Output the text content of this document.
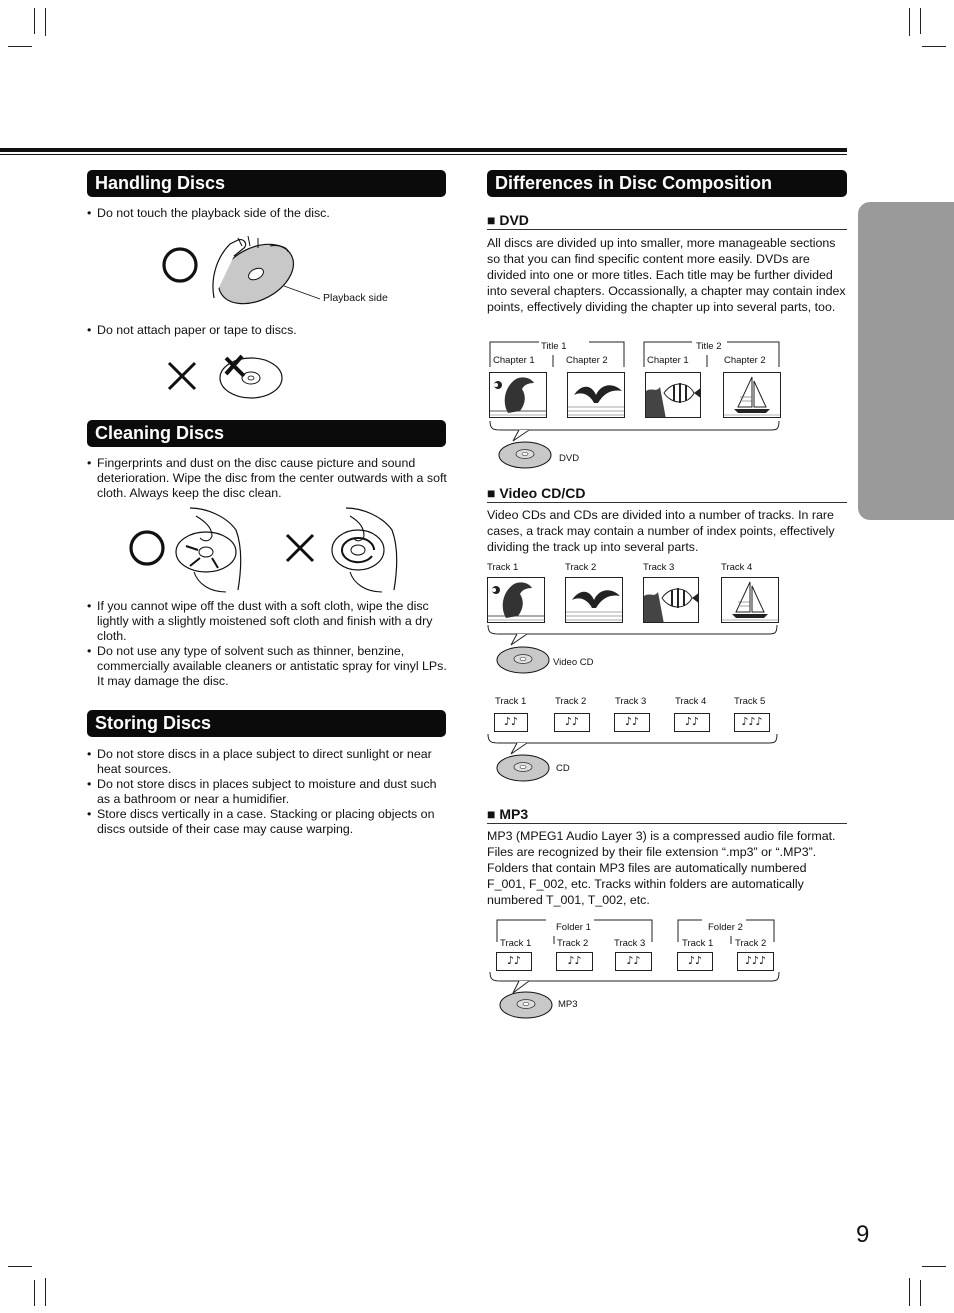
Handling Discs
• Do not touch the playback side of the disc.
Playback side
• Do not attach paper or tape to discs.
Cleaning Discs
• Fingerprints and dust on the disc cause picture and sound deterioration. Wipe the disc from the center outwards with a soft cloth. Always keep the disc clean.
• If you cannot wipe off the dust with a soft cloth, wipe the disc lightly with a slightly moistened soft cloth and finish with a dry cloth.
• Do not use any type of solvent such as thinner, benzine, commercially available cleaners or antistatic spray for vinyl LPs. It may damage the disc.
Storing Discs
• Do not store discs in a place subject to direct sunlight or near heat sources.
• Do not store discs in places subject to moisture and dust such as a bathroom or near a humidifier.
• Store discs vertically in a case. Stacking or placing objects on discs outside of their case may cause warping.
Differences in Disc Composition
■ DVD

All discs are divided up into smaller, more manageable sections so that you can find specific content more easily. DVDs are divided into one or more titles. Each title may be further divided into several chapters. Occassionally, a chapter may contain index points, effectively dividing the chapter up into several parts, too.

Title 1	Title 2
Chapter 1	Chapter 2	Chapter 1	Chapter 2
DVD
■ Video CD/CD

Video CDs and CDs are divided into a number of tracks. In rare cases, a track may contain a number of index points, effectively dividing the track up into several parts.

Track 1	Track 2	Track 3	Track 4
Video CD
Track 1	Track 2	Track 3	Track 4	Track 5
♪♪	♪♪	♪♪	♪♪	♪♪♪
CD
■ MP3

MP3 (MPEG1 Audio Layer 3) is a compressed audio file format. Files are recognized by their file extension “.mp3” or “.MP3”. Folders that contain MP3 files are automatically numbered F_001, F_002, etc. Tracks within folders are automatically numbered T_001, T_002, etc.

Folder 1	Folder 2
Track 1	Track 2	Track 3	Track 1 Track 2
♪♪	♪♪	♪♪	♪♪	♪♪♪
MP3
9
